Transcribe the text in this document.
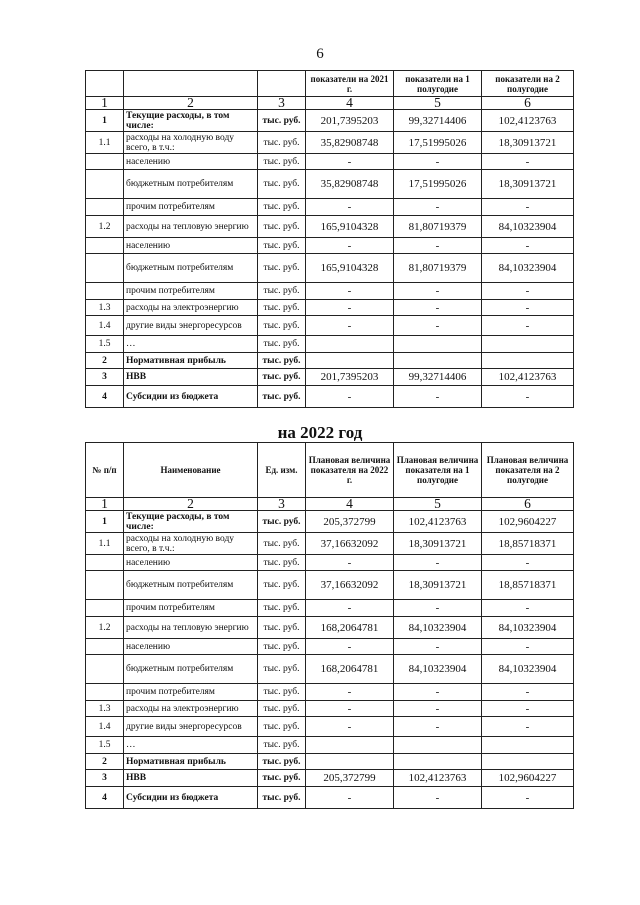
6
			показатели на 2021 г.	показатели на 1 полугодие	показатели на 2 полугодие
1	2	3	4	5	6
1	Текущие расходы, в том числе:	тыс. руб.	201,7395203	99,32714406	102,4123763
1.1	расходы на холодную воду всего, в т.ч.:	тыс. руб.	35,82908748	17,51995026	18,30913721
	населению	тыс. руб.	-	-	-
	бюджетным потребителям	тыс. руб.	35,82908748	17,51995026	18,30913721
	прочим потребителям	тыс. руб.	-	-	-
1.2	расходы на тепловую энергию	тыс. руб.	165,9104328	81,80719379	84,10323904
	населению	тыс. руб.	-	-	-
	бюджетным потребителям	тыс. руб.	165,9104328	81,80719379	84,10323904
	прочим потребителям	тыс. руб.	-	-	-
1.3	расходы на электроэнергию	тыс. руб.	-	-	-
1.4	другие виды энергоресурсов	тыс. руб.	-	-	-
1.5	…	тыс. руб.			
2	Нормативная прибыль	тыс. руб.			
3	НВВ	тыс. руб.	201,7395203	99,32714406	102,4123763
4	Субсидии из бюджета	тыс. руб.	-	-	-
на 2022 год
№ п/п	Наименование	Ед. изм.	Плановая величина показателя на 2022 г.	Плановая величина показателя на 1 полугодие	Плановая величина показателя на 2 полугодие
1	2	3	4	5	6
1	Текущие расходы, в том числе:	тыс. руб.	205,372799	102,4123763	102,9604227
1.1	расходы на холодную воду всего, в т.ч.:	тыс. руб.	37,16632092	18,30913721	18,85718371
	населению	тыс. руб.	-	-	-
	бюджетным потребителям	тыс. руб.	37,16632092	18,30913721	18,85718371
	прочим потребителям	тыс. руб.	-	-	-
1.2	расходы на тепловую энергию	тыс. руб.	168,2064781	84,10323904	84,10323904
	населению	тыс. руб.	-	-	-
	бюджетным потребителям	тыс. руб.	168,2064781	84,10323904	84,10323904
	прочим потребителям	тыс. руб.	-	-	-
1.3	расходы на электроэнергию	тыс. руб.	-	-	-
1.4	другие виды энергоресурсов	тыс. руб.	-	-	-
1.5	…	тыс. руб.			
2	Нормативная прибыль	тыс. руб.			
3	НВВ	тыс. руб.	205,372799	102,4123763	102,9604227
4	Субсидии из бюджета	тыс. руб.	-	-	-
